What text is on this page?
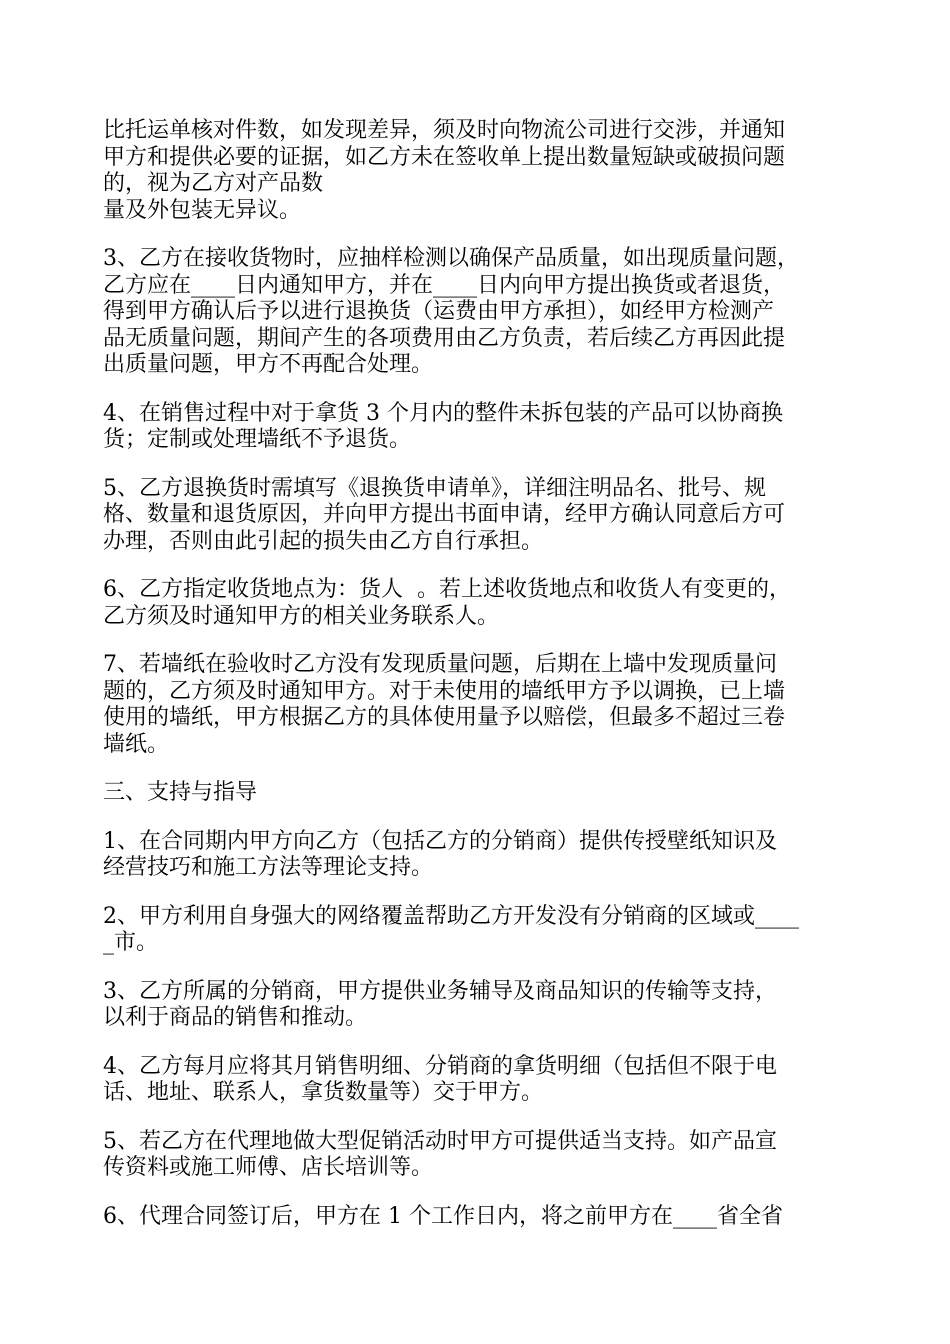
比托运单核对件数，如发现差异，须及时向物流公司进行交涉，并通知
甲方和提供必要的证据，如乙方未在签收单上提出数量短缺或破损问题
的，视为乙方对产品数
量及外包装无异议。
3、乙方在接收货物时，应抽样检测以确保产品质量，如出现质量问题，
乙方应在____日内通知甲方，并在____日内向甲方提出换货或者退货，
得到甲方确认后予以进行退换货（运费由甲方承担），如经甲方检测产
品无质量问题，期间产生的各项费用由乙方负责，若后续乙方再因此提
出质量问题，甲方不再配合处理。
4、在销售过程中对于拿货 3 个月内的整件未拆包装的产品可以协商换
货；定制或处理墙纸不予退货。
5、乙方退换货时需填写《退换货申请单》，详细注明品名、批号、规
格、数量和退货原因，并向甲方提出书面申请，经甲方确认同意后方可
办理，否则由此引起的损失由乙方自行承担。
6、乙方指定收货地点为：货人  。若上述收货地点和收货人有变更的，
乙方须及时通知甲方的相关业务联系人。
7、若墙纸在验收时乙方没有发现质量问题，后期在上墙中发现质量问
题的，乙方须及时通知甲方。对于未使用的墙纸甲方予以调换，已上墙
使用的墙纸，甲方根据乙方的具体使用量予以赔偿，但最多不超过三卷
墙纸。
三、支持与指导
1、在合同期内甲方向乙方（包括乙方的分销商）提供传授壁纸知识及
经营技巧和施工方法等理论支持。
2、甲方利用自身强大的网络覆盖帮助乙方开发没有分销商的区域或____
_市。
3、乙方所属的分销商，甲方提供业务辅导及商品知识的传输等支持，
以利于商品的销售和推动。
4、乙方每月应将其月销售明细、分销商的拿货明细（包括但不限于电
话、地址、联系人，拿货数量等）交于甲方。
5、若乙方在代理地做大型促销活动时甲方可提供适当支持。如产品宣
传资料或施工师傅、店长培训等。
6、代理合同签订后，甲方在 1 个工作日内，将之前甲方在____省全省
